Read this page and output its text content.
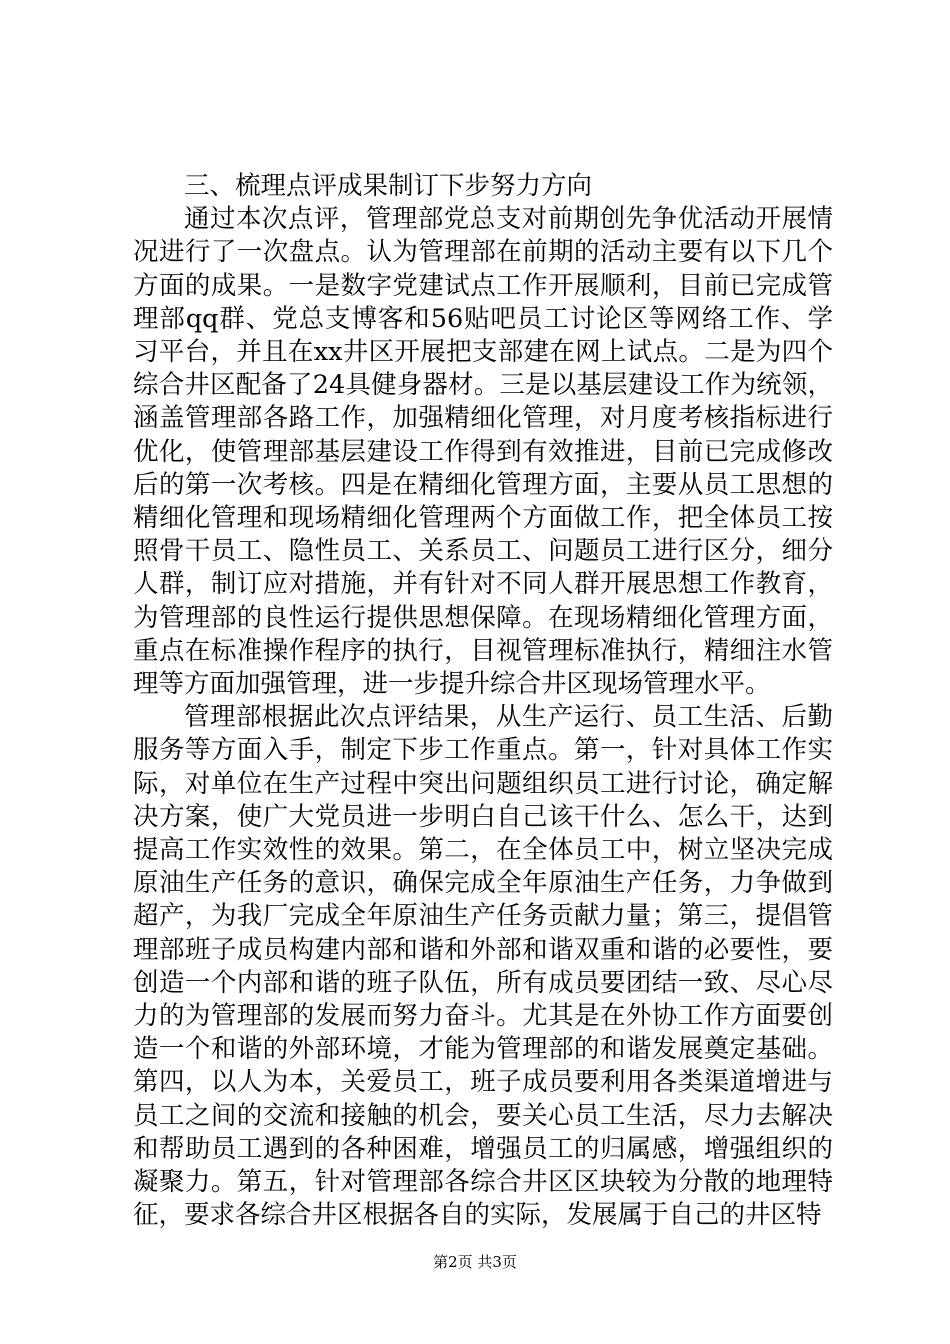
三、梳理点评成果制订下步努力方向

通过本次点评，管理部党总支对前期创先争优活动开展情况进行了一次盘点。认为管理部在前期的活动主要有以下几个方面的成果。一是数字党建试点工作开展顺利，目前已完成管理部qq群、党总支博客和56贴吧员工讨论区等网络工作、学习平台，并且在xx井区开展把支部建在网上试点。二是为四个综合井区配备了24具健身器材。三是以基层建设工作为统领，涵盖管理部各路工作，加强精细化管理，对月度考核指标进行优化，使管理部基层建设工作得到有效推进，目前已完成修改后的第一次考核。四是在精细化管理方面，主要从员工思想的精细化管理和现场精细化管理两个方面做工作，把全体员工按照骨干员工、隐性员工、关系员工、问题员工进行区分，细分人群，制订应对措施，并有针对不同人群开展思想工作教育，为管理部的良性运行提供思想保障。在现场精细化管理方面，重点在标准操作程序的执行，目视管理标准执行，精细注水管理等方面加强管理，进一步提升综合井区现场管理水平。

管理部根据此次点评结果，从生产运行、员工生活、后勤服务等方面入手，制定下步工作重点。第一，针对具体工作实际，对单位在生产过程中突出问题组织员工进行讨论，确定解决方案，使广大党员进一步明白自己该干什么、怎么干，达到提高工作实效性的效果。第二，在全体员工中，树立坚决完成原油生产任务的意识，确保完成全年原油生产任务，力争做到超产，为我厂完成全年原油生产任务贡献力量；第三，提倡管理部班子成员构建内部和谐和外部和谐双重和谐的必要性，要创造一个内部和谐的班子队伍，所有成员要团结一致、尽心尽力的为管理部的发展而努力奋斗。尤其是在外协工作方面要创造一个和谐的外部环境，才能为管理部的和谐发展奠定基础。第四，以人为本，关爱员工，班子成员要利用各类渠道增进与员工之间的交流和接触的机会，要关心员工生活，尽力去解决和帮助员工遇到的各种困难，增强员工的归属感，增强组织的凝聚力。第五，针对管理部各综合井区区块较为分散的地理特征，要求各综合井区根据各自的实际，发展属于自己的井区特

第2页 共3页
